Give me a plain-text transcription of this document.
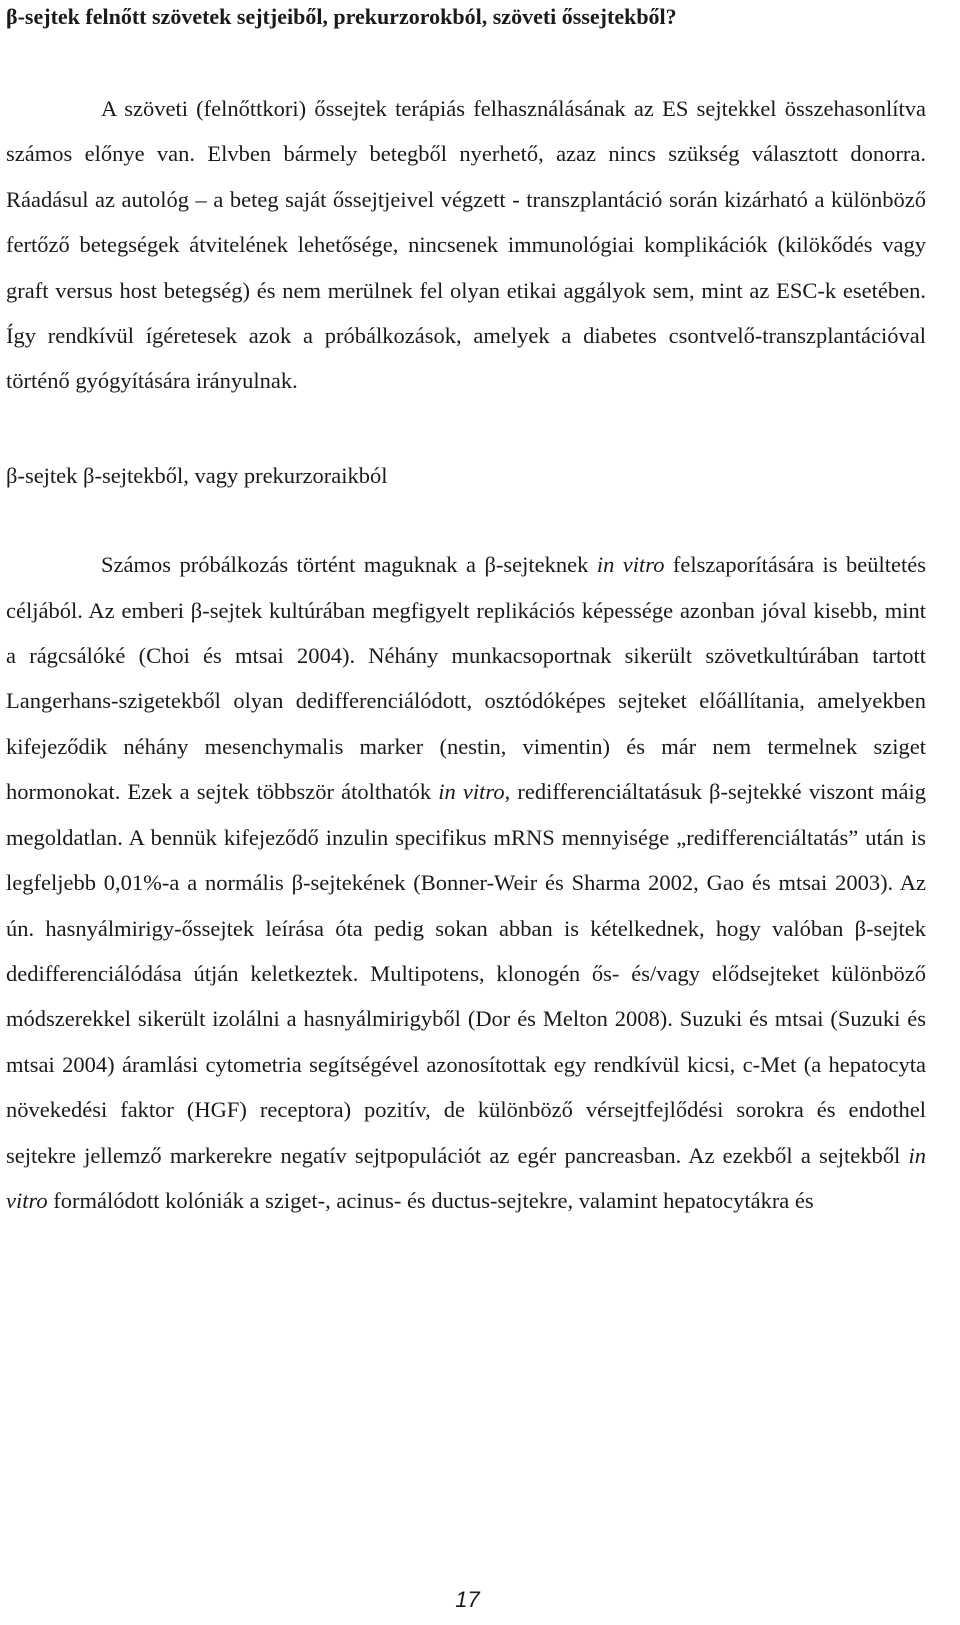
β-sejtek felnőtt szövetek sejtjeiből, prekurzorokból, szöveti őssejtekből?

A szöveti (felnőttkori) őssejtek terápiás felhasználásának az ES sejtekkel összehasonlítva számos előnye van. Elvben bármely betegből nyerhető, azaz nincs szükség választott donorra. Ráadásul az autológ – a beteg saját őssejtjeivel végzett - transzplantáció során kizárható a különböző fertőző betegségek átvitelének lehetősége, nincsenek immunológiai komplikációk (kilökődés vagy graft versus host betegség) és nem merülnek fel olyan etikai aggályok sem, mint az ESC-k esetében. Így rendkívül ígéretesek azok a próbálkozások, amelyek a diabetes csontvelő-transzplantációval történő gyógyítására irányulnak.

β-sejtek β-sejtekből, vagy prekurzoraikból

Számos próbálkozás történt maguknak a β-sejteknek in vitro felszaporítására is beültetés céljából. Az emberi β-sejtek kultúrában megfigyelt replikációs képessége azonban jóval kisebb, mint a rágcsálóké (Choi és mtsai 2004). Néhány munkacsoportnak sikerült szövetkultúrában tartott Langerhans-szigetekből olyan dedifferenciálódott, osztódóképes sejteket előállítania, amelyekben kifejeződik néhány mesenchymalis marker (nestin, vimentin) és már nem termelnek sziget hormonokat. Ezek a sejtek többször átolthatók in vitro, redifferenciáltatásuk β-sejtekké viszont máig megoldatlan. A bennük kifejeződő inzulin specifikus mRNS mennyisége „redifferenciáltatás” után is legfeljebb 0,01%-a a normális β-sejtekének (Bonner-Weir és Sharma 2002, Gao és mtsai 2003). Az ún. hasnyálmirigy-őssejtek leírása óta pedig sokan abban is kételkednek, hogy valóban β-sejtek dedifferenciálódása útján keletkeztek. Multipotens, klonogén ős- és/vagy elődsejteket különböző módszerekkel sikerült izolálni a hasnyálmirigyből (Dor és Melton 2008). Suzuki és mtsai (Suzuki és mtsai 2004) áramlási cytometria segítségével azonosítottak egy rendkívül kicsi, c-Met (a hepatocyta növekedési faktor (HGF) receptora) pozitív, de különböző vérsejtfejlődési sorokra és endothel sejtekre jellemző markerekre negatív sejtpopulációt az egér pancreasban. Az ezekből a sejtekből in vitro formálódott kolóniák a sziget-, acinus- és ductus-sejtekre, valamint hepatocytákra és

17
